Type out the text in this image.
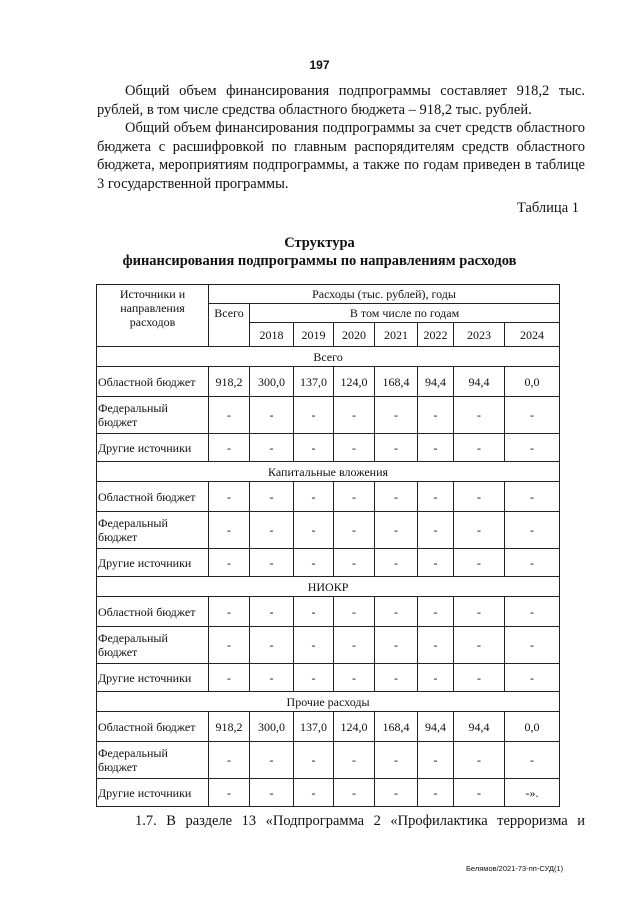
197

Общий объем финансирования подпрограммы составляет 918,2 тыс. рублей, в том числе средства областного бюджета – 918,2 тыс. рублей.

Общий объем финансирования подпрограммы за счет средств областного бюджета с расшифровкой по главным распорядителям средств областного бюджета, мероприятиям подпрограммы, а также по годам приведен в таблице 3 государственной программы.

Таблица 1
Структура
финансирования подпрограммы по направлениям расходов
Источники и направления расходов	Расходы (тыс. рублей), годы							
	Всего	В том числе по годам						
		2018	2019	2020	2021	2022	2023	2024
Всего								
Областной бюджет	918,2	300,0	137,0	124,0	168,4	94,4	94,4	0,0
Федеральный бюджет	-	-	-	-	-	-	-	-
Другие источники	-	-	-	-	-	-	-	-
Капитальные вложения								
Областной бюджет	-	-	-	-	-	-	-	-
Федеральный бюджет	-	-	-	-	-	-	-	-
Другие источники	-	-	-	-	-	-	-	-
НИОКР								
Областной бюджет	-	-	-	-	-	-	-	-
Федеральный бюджет	-	-	-	-	-	-	-	-
Другие источники	-	-	-	-	-	-	-	-
Прочие расходы								
Областной бюджет	918,2	300,0	137,0	124,0	168,4	94,4	94,4	0,0
Федеральный бюджет	-	-	-	-	-	-	-	-
Другие источники	-	-	-	-	-	-	-	-».

1.7. В разделе 13 «Подпрограмма 2 «Профилактика терроризма и

Белямов/2021-73-пп-СУД(1)
